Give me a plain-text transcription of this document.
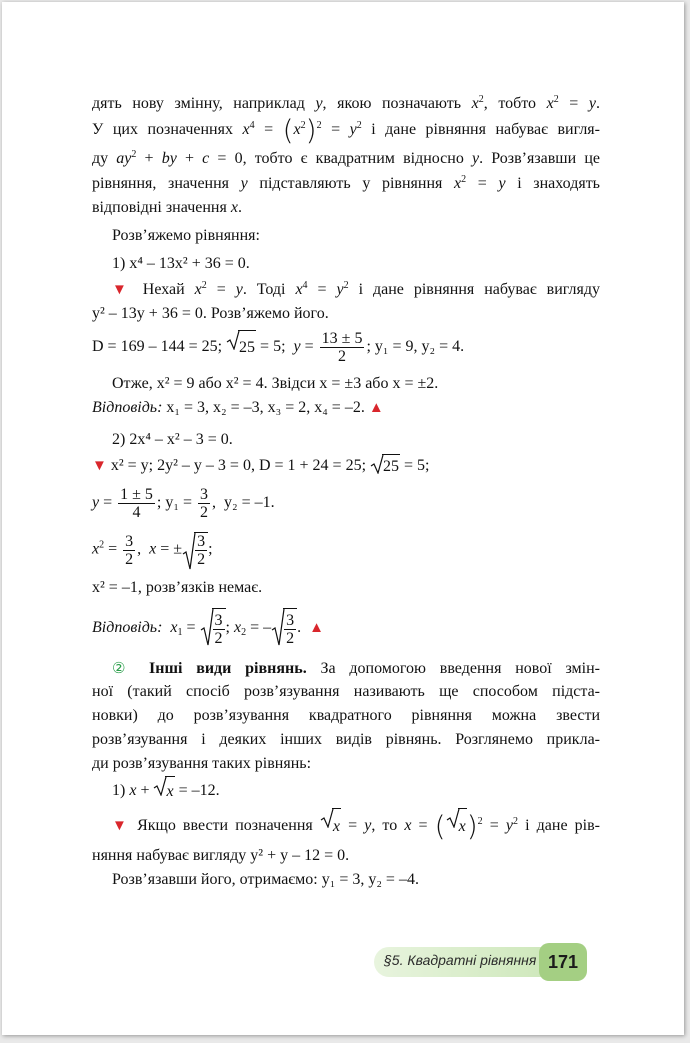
дять нову змінну, наприклад y, якою позначають $x^2$, тобто $x^2 = y$.
У цих позначеннях $x^4 = (x^2)^2 = y^2$ і дане рівняння набуває вигля-
ду $ay^2$ + by + c = 0, тобто є квадратним відносно y. Розв’язавши це
рівняння, значення y підставляють у рівняння $x^2 = y$ і знаходять
відповідні значення x.
Розв’яжемо рівняння:
1) x⁴ – 13x² + 36 = 0.
▼ Нехай $x^2 = y$. Тоді $x^4 = y^2$ і дане рівняння набуває вигляду
y² – 13y + 36 = 0. Розв’яжемо його.
D = 169 – 144 = 25; 25 = 5;  $y = \frac{13 \pm 5}{2}$ ; y₁ = 9, y₂ = 4.
Отже, x² = 9 або x² = 4. Звідси x = ±3 або x = ±2.
Відповідь: x₁ = 3, x₂ = –3, x₃ = 2, x₄ = –2. ▲
2) 2x⁴ – x² – 3 = 0.
▼ x² = y; 2y² – y – 3 = 0, D = 1 + 24 = 25; 25 = 5;
$y = \frac{1 \pm 5}{4}$ ; $y_1 = \frac{3}{2}$ ,  y₂ = –1.
$x^2 = \frac{3}{2}$ ,  x = ± $\frac{3}{2}$ ;
x² = –1, розв’язків немає.
Відповідь: $x_1 = \frac{3}{2}$ ; $x_2$ = – $\frac{3}{2}$ .  ▲
② Інші види рівнянь. За допомогою введення нової змін-
ної (такий спосіб розв’язування називають ще способом підста-
новки) до розв’язування квадратного рівняння можна звести
розв’язування і деяких інших видів рівнянь. Розглянемо прикла-
ди розв’язування таких рівнянь:
1) x +
x = –12.
▼ Якщо ввести позначення x = y, то x = ( $x)^2 = y^2$ і дане рів-
няння набуває вигляду y² + y – 12 = 0.
Розв’язавши його, отримаємо: y₁ = 3, y₂ = –4.
§5. Квадратні рівняння 171
